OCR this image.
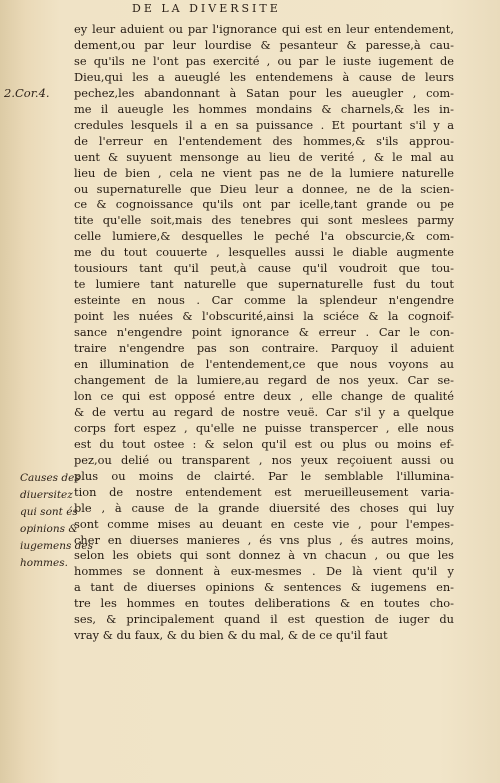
DE LA DIVERSITE
2.Cor.4.
Causes des
diuersitez
qui sont és
opinions &
iugemens des
hommes.
ey leur aduient ou par l'ignorance qui est en leur entendement,
dement,ou par leur lourdise & pesanteur & paresse,à cau-
se qu'ils ne l'ont pas exercité , ou par le iuste iugement de
Dieu,qui les a aueuglé les entendemens à cause de leurs
pechez,les abandonnant à Satan pour les aueugler , com-
me il aueugle les hommes mondains & charnels,& les in-
credules lesquels il a en sa puissance . Et pourtant s'il y a
de l'erreur en l'entendement des hommes,& s'ils approu-
uent & suyuent mensonge au lieu de verité , & le mal au
lieu de bien , cela ne vient pas ne de la lumiere naturelle
ou supernaturelle que Dieu leur a donnee, ne de la scien-
ce & cognoissance qu'ils ont par icelle,tant grande ou pe
tite qu'elle soit,mais des tenebres qui sont meslees parmy
celle lumiere,& desquelles le peché l'a obscurcie,& com-
me du tout couuerte , lesquelles aussi le diable augmente
tousiours tant qu'il peut,à cause qu'il voudroit que tou-
te lumiere tant naturelle que supernaturelle fust du tout
esteinte en nous . Car comme la splendeur n'engendre
point les nuées & l'obscurité,ainsi la sciéce & la cognoif-
sance n'engendre point ignorance & erreur . Car le con-
traire n'engendre pas son contraire. Parquoy il aduient
en illumination de l'entendement,ce que nous voyons au
changement de la lumiere,au regard de nos yeux. Car se-
lon ce qui est opposé entre deux , elle change de qualité
& de vertu au regard de nostre veuë. Car s'il y a quelque
corps fort espez , qu'elle ne puisse transpercer , elle nous
est du tout ostee : & selon qu'il est ou plus ou moins ef-
pez,ou delié ou transparent , nos yeux reçoiuent aussi ou
plus ou moins de clairté. Par le semblable l'illumina-
tion de nostre entendement est merueilleusement varia-
ble , à cause de la grande diuersité des choses qui luy
sont comme mises au deuant en ceste vie , pour l'empes-
cher en diuerses manieres , és vns plus , és autres moins,
selon les obiets qui sont donnez à vn chacun , ou que les
hommes se donnent à eux-mesmes . De là vient qu'il y
a tant de diuerses opinions & sentences & iugemens en-
tre les hommes en toutes deliberations & en toutes cho-
ses, & principalement quand il est question de iuger du
vray & du faux, & du bien & du mal, & de ce qu'il faut
